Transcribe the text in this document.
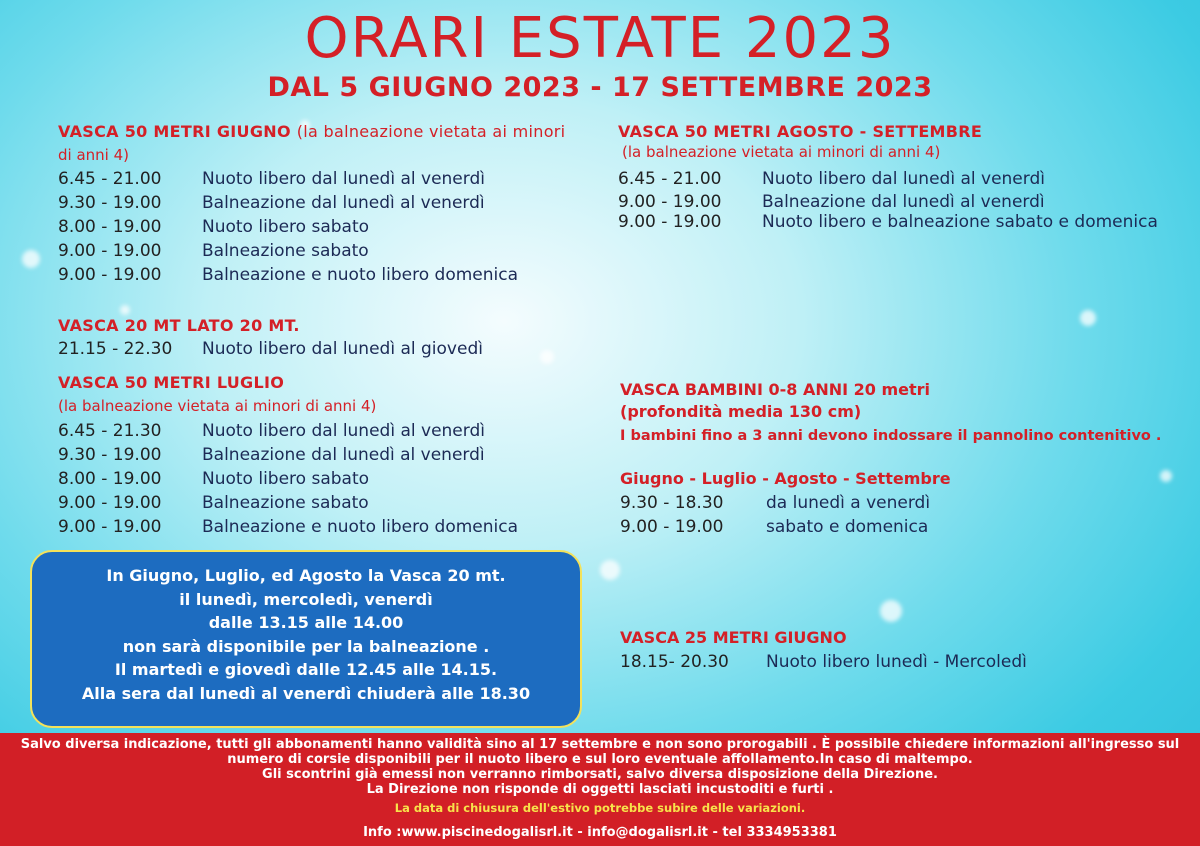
ORARI ESTATE 2023
DAL 5 GIUGNO 2023 - 17 SETTEMBRE 2023
VASCA 50 METRI GIUGNO (la balneazione vietata ai minori
di anni 4)
6.45 - 21.00 Nuoto libero dal lunedì al venerdì
9.30 - 19.00 Balneazione dal lunedì al venerdì
8.00 - 19.00 Nuoto libero sabato
9.00 - 19.00 Balneazione sabato
9.00 - 19.00 Balneazione e nuoto libero domenica
VASCA 20 MT LATO 20 MT.
21.15 - 22.30 Nuoto libero dal lunedì al giovedì
VASCA 50 METRI LUGLIO
(la balneazione vietata ai minori di anni 4)
6.45 - 21.30 Nuoto libero dal lunedì al venerdì
9.30 - 19.00 Balneazione dal lunedì al venerdì
8.00 - 19.00 Nuoto libero sabato
9.00 - 19.00 Balneazione sabato
9.00 - 19.00 Balneazione e nuoto libero domenica
VASCA 50 METRI AGOSTO - SETTEMBRE
(la balneazione vietata ai minori di anni 4)
6.45 - 21.00 Nuoto libero dal lunedì al venerdì
9.00 - 19.00 Balneazione dal lunedì al venerdì
9.00 - 19.00 Nuoto libero e balneazione sabato e domenica
VASCA BAMBINI 0-8 ANNI 20 metri
(profondità media 130 cm)
I bambini fino a 3 anni devono indossare il pannolino contenitivo .
Giugno - Luglio - Agosto - Settembre
9.30 - 18.30	da lunedì a venerdì
9.00 - 19.00	sabato e domenica
VASCA 25 METRI GIUGNO
18.15- 20.30 Nuoto libero lunedì - Mercoledì
In Giugno, Luglio, ed Agosto la Vasca 20 mt.
il lunedì, mercoledì, venerdì
dalle 13.15 alle 14.00
non sarà disponibile per la balneazione .
Il martedì e giovedì dalle 12.45 alle 14.15.
Alla sera dal lunedì al venerdì chiuderà alle 18.30
Salvo diversa indicazione, tutti gli abbonamenti hanno validità sino al 17 settembre e non sono prorogabili . È possibile chiedere informazioni all'ingresso sul
numero di corsie disponibili per il nuoto libero e sul loro eventuale affollamento.In caso di maltempo.
Gli scontrini già emessi non verranno rimborsati, salvo diversa disposizione della Direzione.
La Direzione non risponde di oggetti lasciati incustoditi e furti .
La data di chiusura dell'estivo potrebbe subire delle variazioni.
Info :www.piscinedogalisrl.it - info@dogalisrl.it - tel 3334953381
